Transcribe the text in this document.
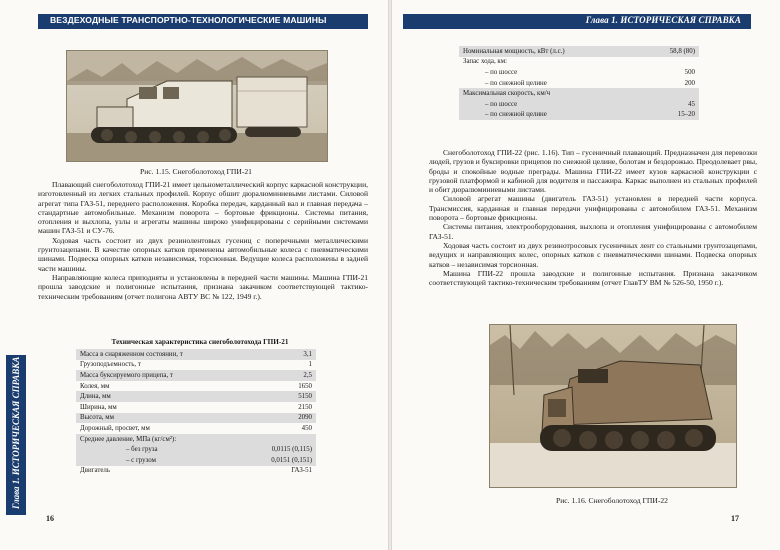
ВЕЗДЕХОДНЫЕ ТРАНСПОРТНО-ТЕХНОЛОГИЧЕСКИЕ МАШИНЫ
Глава 1. ИСТОРИЧЕСКАЯ СПРАВКА
Рис. 1.15. Снегоболотоход ГПИ-21

Плавающий снегоболотоход ГПИ-21 имеет цельнометаллический корпус каркасной конструкции, изготовленный из легких стальных профилей. Корпус обшит дюралюминиевыми листами. Силовой агрегат типа ГАЗ-51, переднего расположения. Коробка передач, карданный вал и главная передача – стандартные автомобильные. Механизм поворота – бортовые фрикционы. Системы питания, отопления и выхлопа, узлы и агрегаты машины широко унифицированы с серийными системами машин ГАЗ-51 и СУ-76.

Ходовая часть состоит из двух резинолентовых гусениц с поперечными металлическими грунтозацепами. В качестве опорных катков применены автомобильные колеса с пневматическими шинами. Подвеска опорных катков независимая, торсионная. Ведущие колеса расположены в задней части машины.

Направляющие колеса приподняты и установлены в передней части машины. Машина ГПИ-21 прошла заводские и полигонные испытания, признана закачиком соответствующей тактико-техническим требованиям (отчет полигона АВТУ ВС № 122, 1949 г.).

Техническая характеристика снегоболотохода ГПИ-21
Масса в снаряженном состоянии, т	3,1
Грузоподъемность, т	1
Масса буксируемого прицепа, т	2,5
Колея, мм	1650
Длина, мм	5150
Ширина, мм	2150
Высота, мм	2090
Дорожный, просвет, мм	450
Среднее давление, МПа (кг/см²):	
– без груза	0,0115 (0,115)
– с грузом	0,0151 (0,151)
Двигатель	ГАЗ-51
16
Глава 1. ИСТОРИЧЕСКАЯ СПРАВКА
Номинальная мощность, кВт (л.с.)	58,8 (80)
Запас хода, км:	
– по шоссе	500
– по снежной целине	200
Максимальная скорость, км/ч	
– по шоссе	45
– по снежной целине	15–20

Снегоболотоход ГПИ-22 (рис. 1.16). Тип – гусеничный плавающий. Предназначен для перевозки людей, грузов и буксировки прицепов по снежной целине, болотам и бездорожью. Преодолевает рвы, броды и спокойные водные преграды. Машина ГПИ-22 имеет кузов каркасной конструкции с грузовой платформой и кабиной для водителя и пассажира. Каркас выполнен из стальных профилей и обит дюралюминиевыми листами.

Силовой агрегат машины (двигатель ГАЗ-51) установлен в передней части корпуса. Трансмиссия, карданная и главная передачи унифицированы с автомобилем ГАЗ-51. Механизм поворота – бортовые фрикционы.

Системы питания, электрооборудования, выхлопа и отопления унифицированы с автомобилем ГАЗ-51.

Ходовая часть состоит из двух резинотросовых гусеничных лент со стальными грунтозацепами, ведущих и направляющих колес, опорных катков с пневматическими шинами. Подвеска опорных катков – независимая торсионная.

Машина ГПИ-22 прошла заводские и полигонные испытания. Признана заказчиком соответствующей тактико-техническим требованиям (отчет ГлавТУ ВМ № 526-50, 1950 г.).

Рис. 1.16. Снегоболотоход ГПИ-22
17
